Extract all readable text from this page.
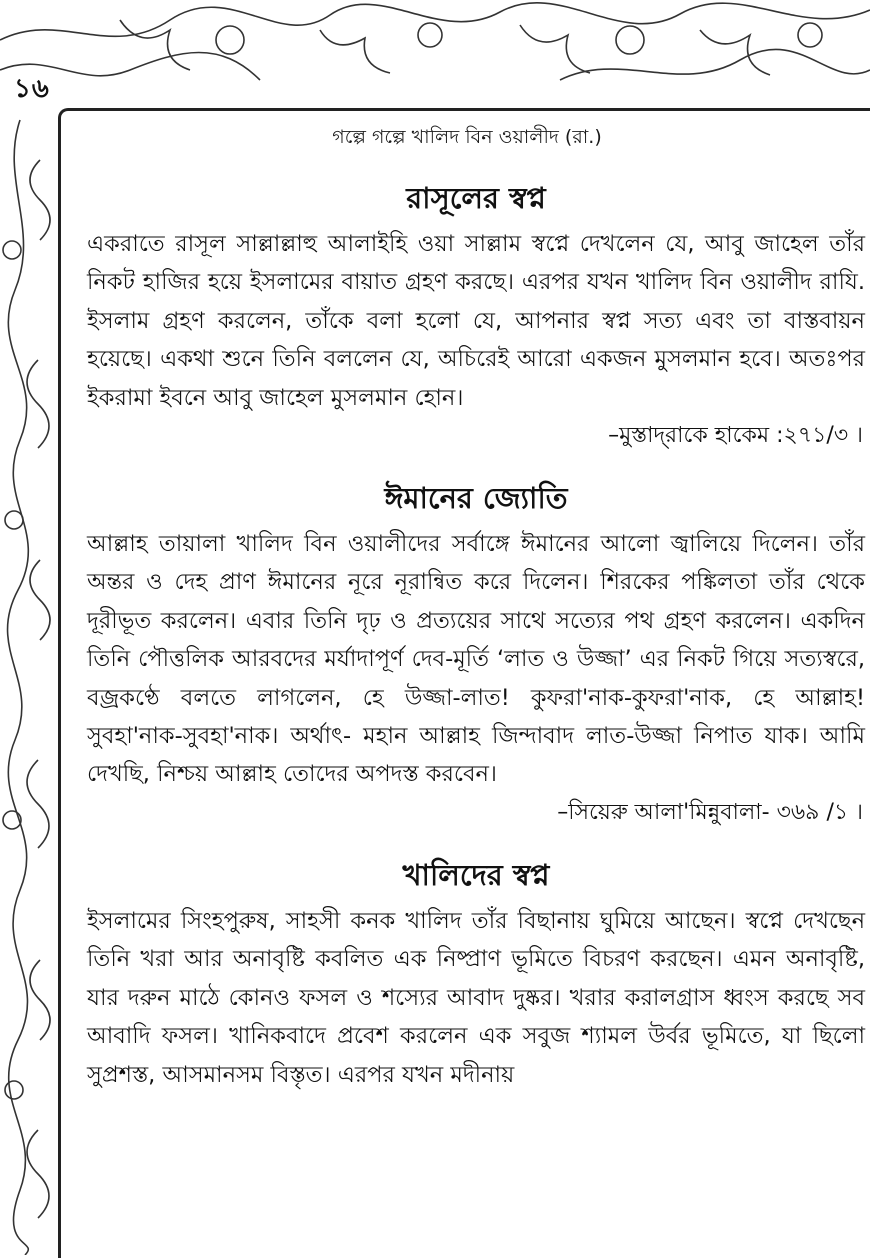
১৬
গল্পে গল্পে খালিদ বিন ওয়ালীদ (রা.)
রাসূলের স্বপ্ন

একরাতে রাসূল সাল্লাল্লাহু আলাইহি ওয়া সাল্লাম স্বপ্নে দেখলেন যে, আবু জাহেল তাঁর নিকট হাজির হয়ে ইসলামের বায়াত গ্রহণ করছে। এরপর যখন খালিদ বিন ওয়ালীদ রাযি. ইসলাম গ্রহণ করলেন, তাঁকে বলা হলো যে, আপনার স্বপ্ন সত্য এবং তা বাস্তবায়ন হয়েছে। একথা শুনে তিনি বললেন যে, অচিরেই আরো একজন মুসলমান হবে। অতঃপর ইকরামা ইবনে আবু জাহেল মুসলমান হোন।

–মুস্তাদ্‌রাকে হাকেম :২৭১/৩ ।

ঈমানের জ্যোতি

আল্লাহ তায়ালা খালিদ বিন ওয়ালীদের সর্বাঙ্গে ঈমানের আলো জ্বালিয়ে দিলেন। তাঁর অন্তর ও দেহ প্রাণ ঈমানের নূরে নূরান্বিত করে দিলেন। শিরকের পঙ্কিলতা তাঁর থেকে দূরীভূত করলেন। এবার তিনি দৃঢ় ও প্রত্যয়ের সাথে সত্যের পথ গ্রহণ করলেন। একদিন তিনি পৌত্তলিক আরবদের মর্যাদাপূর্ণ দেব-মূর্তি ‘লাত ও উজ্জা’ এর নিকট গিয়ে সত্যস্বরে, বজ্রকণ্ঠে বলতে লাগলেন, হে উজ্জা-লাত! কুফরা'নাক-কুফরা'নাক, হে আল্লাহ! সুবহা'নাক-সুবহা'নাক। অর্থাৎ- মহান আল্লাহ জিন্দাবাদ লাত-উজ্জা নিপাত যাক। আমি দেখছি, নিশ্চয় আল্লাহ তোদের অপদস্ত করবেন।

–সিয়েরু আলা'মিন্নুবালা- ৩৬৯ /১ ।

খালিদের স্বপ্ন

ইসলামের সিংহপুরুষ, সাহসী কনক খালিদ তাঁর বিছানায় ঘুমিয়ে আছেন। স্বপ্নে দেখছেন তিনি খরা আর অনাবৃষ্টি কবলিত এক নিষ্প্রাণ ভূমিতে বিচরণ করছেন। এমন অনাবৃষ্টি, যার দরুন মাঠে কোনও ফসল ও শস্যের আবাদ দুষ্কর। খরার করালগ্রাস ধ্বংস করছে সব আবাদি ফসল। খানিকবাদে প্রবেশ করলেন এক সবুজ শ্যামল উর্বর ভূমিতে, যা ছিলো সুপ্রশস্ত, আসমানসম বিস্তৃত। এরপর যখন মদীনায়
